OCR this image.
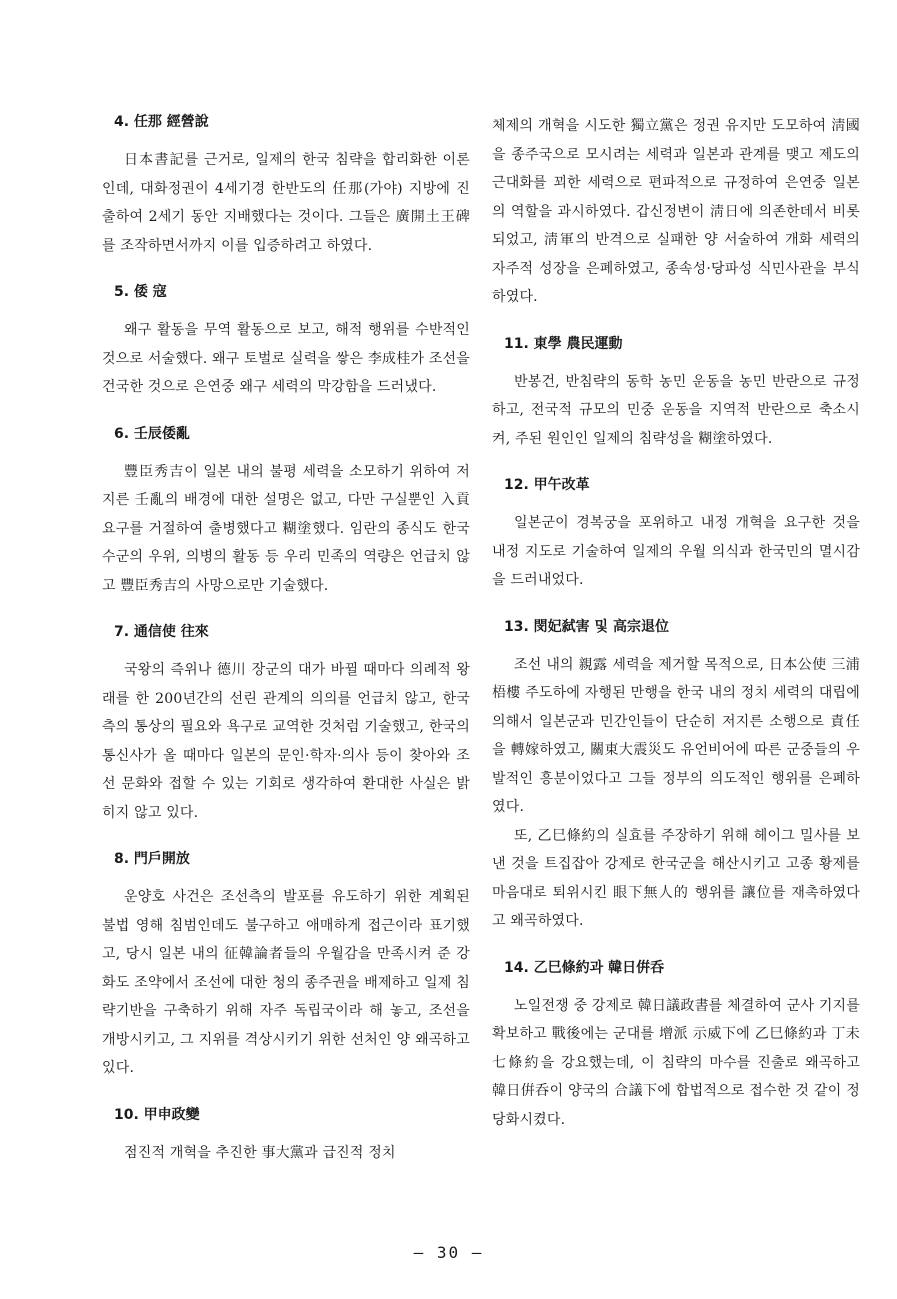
4. 任那 經營說

日本書記를 근거로, 일제의 한국 침략을 합리화한 이론인데, 대화정권이 4세기경 한반도의 任那(가야) 지방에 진출하여 2세기 동안 지배했다는 것이다. 그들은 廣開土王碑를 조작하면서까지 이를 입증하려고 하였다.

5. 倭 寇

왜구 활동을 무역 활동으로 보고, 해적 행위를 수반적인 것으로 서술했다. 왜구 토벌로 실력을 쌓은 李成桂가 조선을 건국한 것으로 은연중 왜구 세력의 막강함을 드러냈다.

6. 壬辰倭亂

豐臣秀吉이 일본 내의 불평 세력을 소모하기 위하여 저지른 壬亂의 배경에 대한 설명은 없고, 다만 구실뿐인 入貢 요구를 거절하여 출병했다고 糊塗했다. 임란의 종식도 한국 수군의 우위, 의병의 활동 등 우리 민족의 역량은 언급치 않고 豐臣秀吉의 사망으로만 기술했다.

7. 通信使 往來

국왕의 즉위나 德川 장군의 대가 바뀔 때마다 의례적 왕래를 한 200년간의 선린 관계의 의의를 언급치 않고, 한국측의 통상의 필요와 욕구로 교역한 것처럼 기술했고, 한국의 통신사가 올 때마다 일본의 문인·학자·의사 등이 찾아와 조선 문화와 접할 수 있는 기회로 생각하여 환대한 사실은 밝히지 않고 있다.

8. 門戶開放

운양호 사건은 조선측의 발포를 유도하기 위한 계획된 불법 영해 침범인데도 불구하고 애매하게 접근이라 표기했고, 당시 일본 내의 征韓論者들의 우월감을 만족시켜 준 강화도 조약에서 조선에 대한 청의 종주권을 배제하고 일제 침략기반을 구축하기 위해 자주 독립국이라 해 놓고, 조선을 개방시키고, 그 지위를 격상시키기 위한 선처인 양 왜곡하고 있다.

10. 甲申政變

점진적 개혁을 추진한 事大黨과 급진적 정치

체제의 개혁을 시도한 獨立黨은 정권 유지만 도모하여 淸國을 종주국으로 모시려는 세력과 일본과 관계를 맺고 제도의 근대화를 꾀한 세력으로 편파적으로 규정하여 은연중 일본의 역할을 과시하였다. 갑신정변이 淸日에 의존한데서 비롯되었고, 淸軍의 반격으로 실패한 양 서술하여 개화 세력의 자주적 성장을 은폐하였고, 종속성·당파성 식민사관을 부식하였다.

11. 東學 農民運動

반봉건, 반침략의 동학 농민 운동을 농민 반란으로 규정하고, 전국적 규모의 민중 운동을 지역적 반란으로 축소시켜, 주된 원인인 일제의 침략성을 糊塗하였다.

12. 甲午改革

일본군이 경복궁을 포위하고 내정 개혁을 요구한 것을 내정 지도로 기술하여 일제의 우월 의식과 한국민의 멸시감을 드러내었다.

13. 閔妃弑害 및 高宗退位

조선 내의 親露 세력을 제거할 목적으로, 日本公使 三浦梧樓 주도하에 자행된 만행을 한국 내의 정치 세력의 대립에 의해서 일본군과 민간인들이 단순히 저지른 소행으로 責任을 轉嫁하였고, 關東大震災도 유언비어에 따른 군중들의 우발적인 흥분이었다고 그들 정부의 의도적인 행위를 은폐하였다.

또, 乙巳條約의 실효를 주장하기 위해 헤이그 밀사를 보낸 것을 트집잡아 강제로 한국군을 해산시키고 고종 황제를 마음대로 퇴위시킨 眼下無人的 행위를 讓位를 재촉하였다고 왜곡하였다.

14. 乙巳條約과 韓日倂呑

노일전쟁 중 강제로 韓日議政書를 체결하여 군사 기지를 확보하고 戰後에는 군대를 增派 示威下에 乙巳條約과 丁未七條約을 강요했는데, 이 침략의 마수를 진출로 왜곡하고 韓日倂呑이 양국의 合議下에 합법적으로 접수한 것 같이 정당화시켰다.

— 30 —
